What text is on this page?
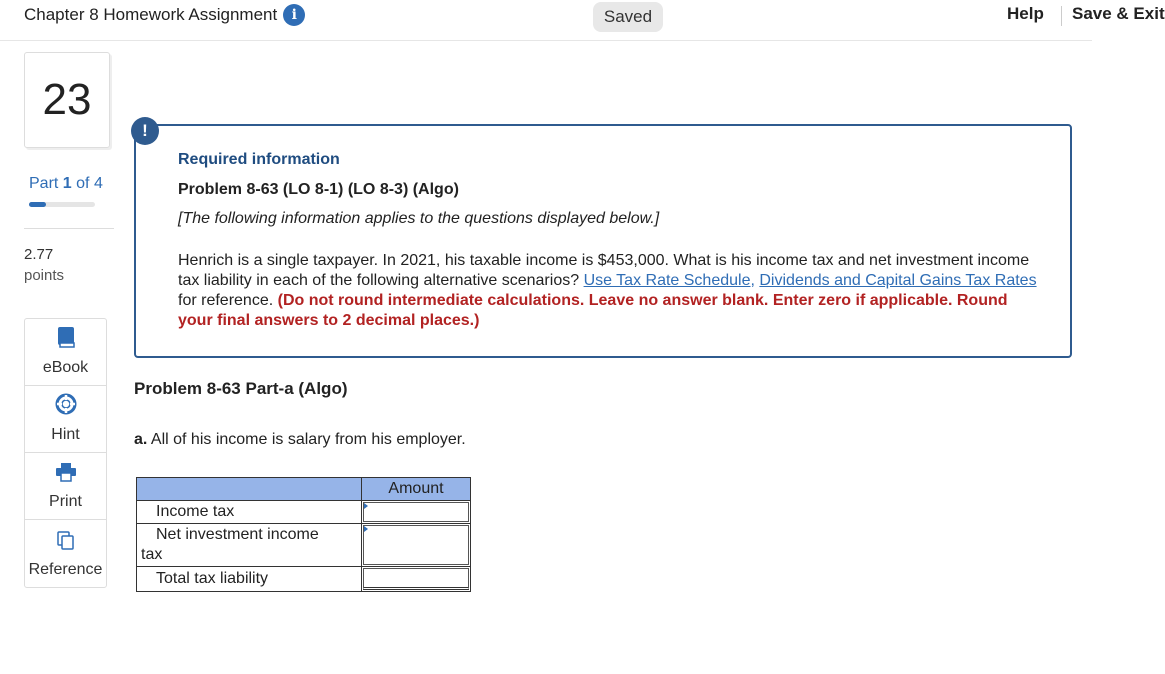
Chapter 8 Homework Assignment	i	Saved	Help Save & Exit
23
Part 1 of 4
2.77
points
eBook
Hint
Print
Reference
!
Required information
Problem 8-63 (LO 8-1) (LO 8-3) (Algo)
[The following information applies to the questions displayed below.]
Henrich is a single taxpayer. In 2021, his taxable income is $453,000. What is his income tax and net investment income tax liability in each of the following alternative scenarios? Use Tax Rate Schedule, Dividends and Capital Gains Tax Rates for reference. (Do not round intermediate calculations. Leave no answer blank. Enter zero if applicable. Round your final answers to 2 decimal places.)
Problem 8-63 Part-a (Algo)
a. All of his income is salary from his employer.
	Amount
Income tax	

Net investment income
tax	

Total tax liability	
